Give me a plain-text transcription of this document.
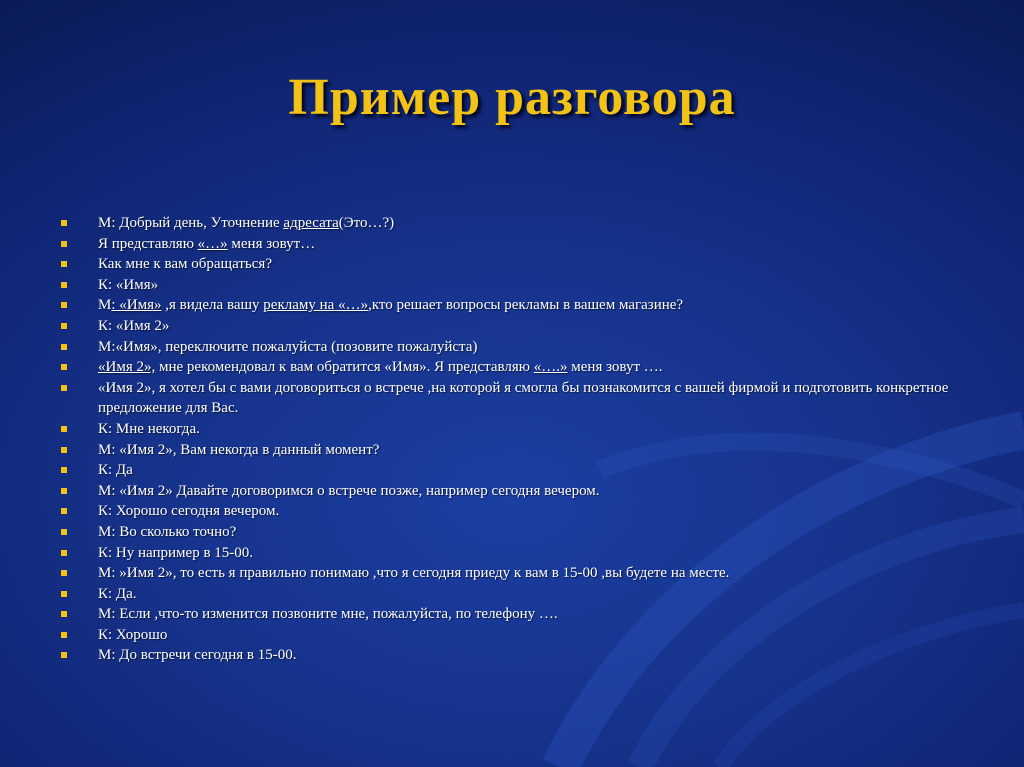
Пример разговора
М: Добрый день, Уточнение адресата(Это…?)
Я представляю «…» меня зовут…
Как мне к вам обращаться?
К: «Имя»
М: «Имя» ,я видела вашу рекламу на «…»,кто решает вопросы рекламы в вашем магазине?
К: «Имя 2»
М:«Имя», переключите пожалуйста (позовите пожалуйста)
«Имя 2», мне рекомендовал к вам обратится «Имя». Я представляю «….» меня зовут ….
«Имя 2», я хотел бы с вами договориться о встрече ,на которой я смогла бы познакомится с вашей фирмой и подготовить конкретное предложение для Вас.
К: Мне некогда.
М: «Имя 2», Вам некогда в данный момент?
К: Да
М: «Имя 2» Давайте договоримся о встрече позже, например сегодня вечером.
К: Хорошо сегодня вечером.
М: Во сколько точно?
К: Ну например в 15-00.
М: »Имя 2», то есть я правильно понимаю ,что я сегодня приеду к вам в 15-00 ,вы будете на месте.
К: Да.
М: Если ,что-то изменится позвоните мне, пожалуйста, по телефону ….
К: Хорошо
М: До встречи сегодня в 15-00.
